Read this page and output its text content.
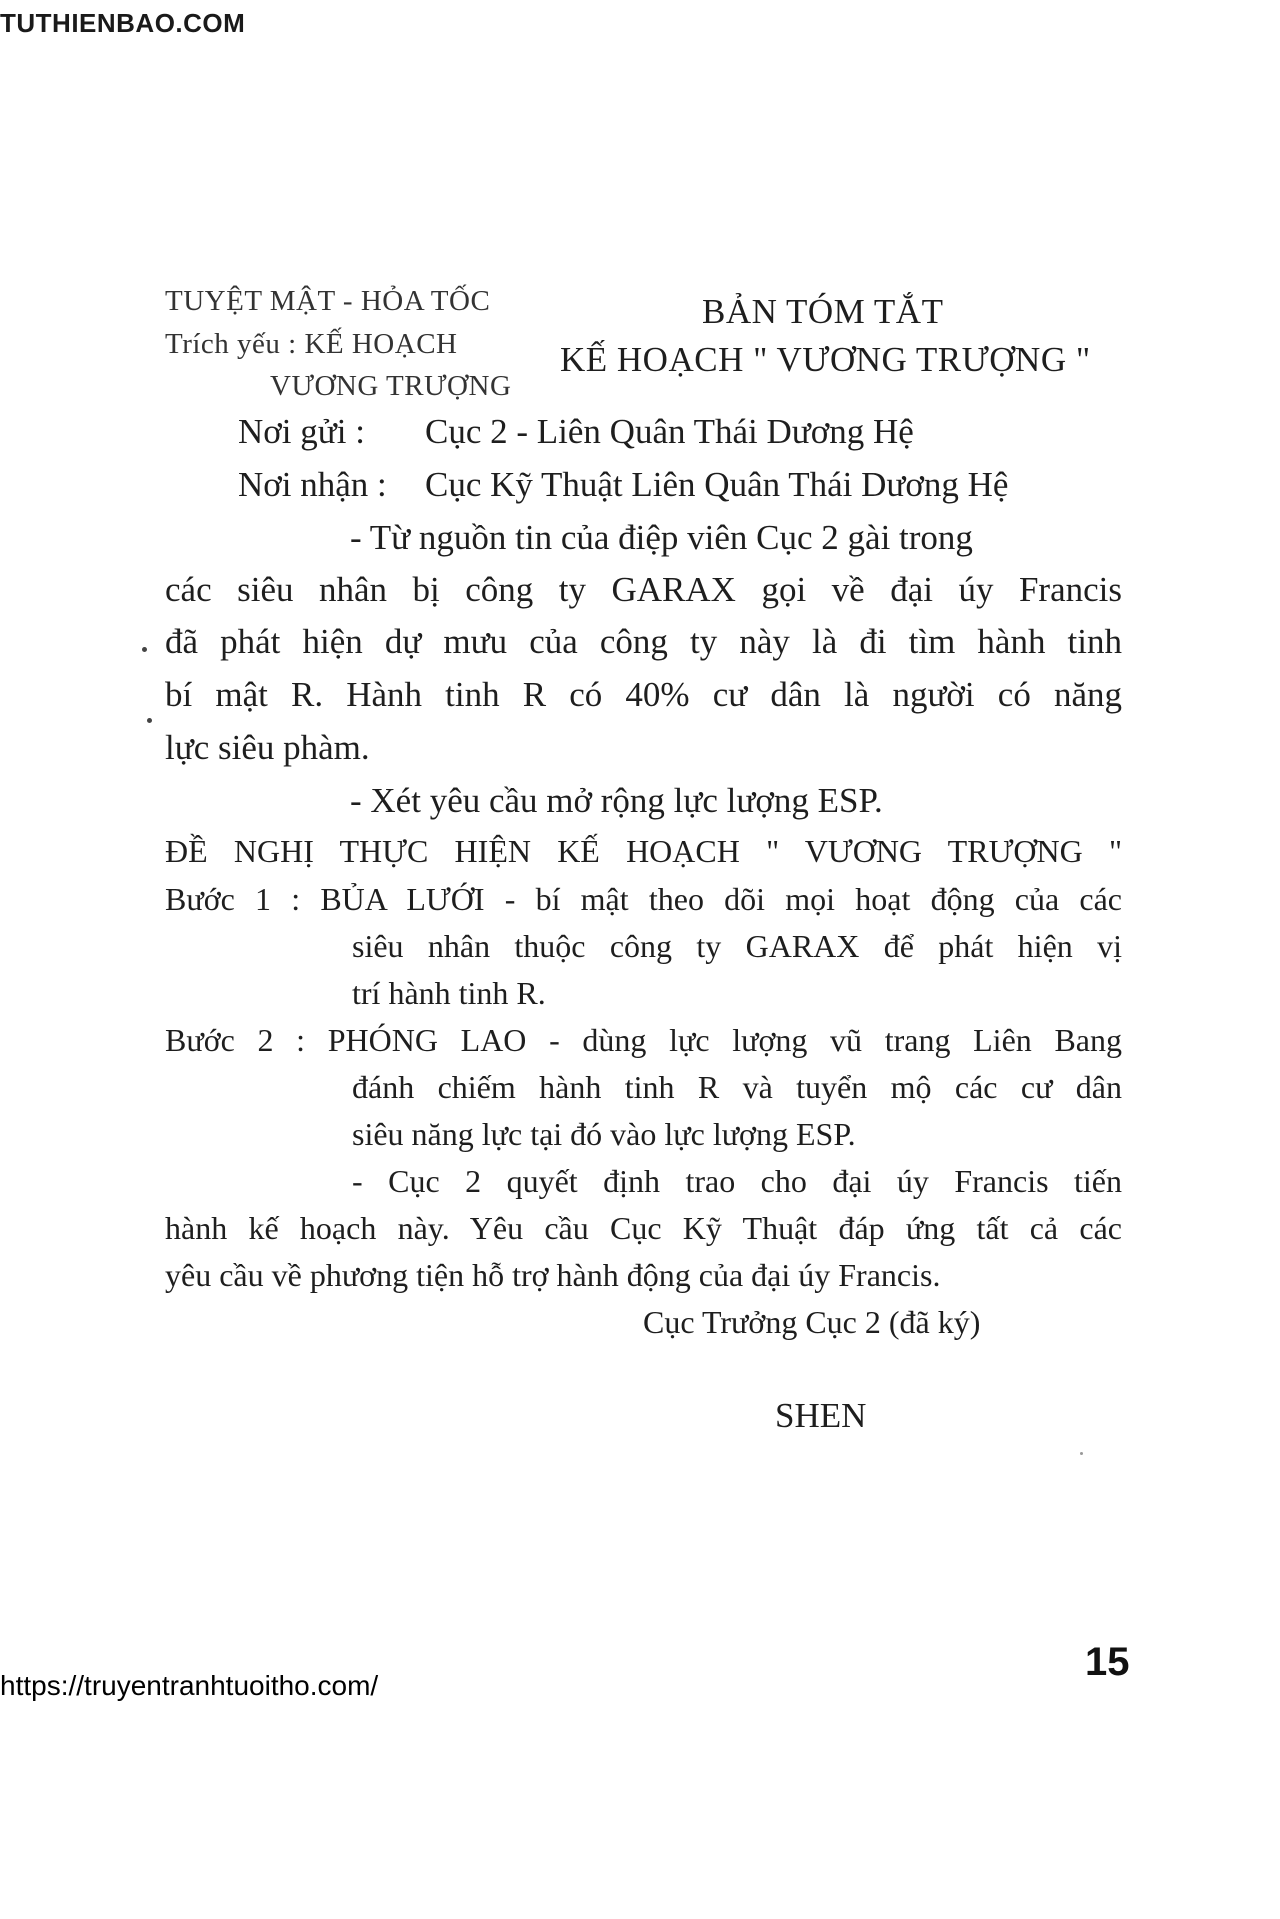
TUTHIENBAO.COM
TUYỆT MẬT - HỎA TỐC
Trích yếu : KẾ HOẠCH
VƯƠNG TRƯỢNG
BẢN TÓM TẮT
KẾ HOẠCH " VƯƠNG TRƯỢNG "
Nơi gửi : Cục 2 - Liên Quân Thái Dương Hệ
Nơi nhận : Cục Kỹ Thuật Liên Quân Thái Dương Hệ
- Từ nguồn tin của điệp viên Cục 2 gài trong
các siêu nhân bị công ty GARAX gọi về đại úy Francis
đã phát hiện dự mưu của công ty này là đi tìm hành tinh
bí mật R. Hành tinh R có 40% cư dân là người có năng
lực siêu phàm.
- Xét yêu cầu mở rộng lực lượng ESP.
ĐỀ NGHỊ THỰC HIỆN KẾ HOẠCH " VƯƠNG TRƯỢNG "
Bước 1 : BỦA LƯỚI - bí mật theo dõi mọi hoạt động của các
siêu nhân thuộc công ty GARAX để phát hiện vị
trí hành tinh R.
Bước 2 : PHÓNG LAO - dùng lực lượng vũ trang Liên Bang
đánh chiếm hành tinh R và tuyển mộ các cư dân
siêu năng lực tại đó vào lực lượng ESP.
- Cục 2 quyết định trao cho đại úy Francis tiến
hành kế hoạch này. Yêu cầu Cục Kỹ Thuật đáp ứng tất cả các
yêu cầu về phương tiện hỗ trợ hành động của đại úy Francis.
Cục Trưởng Cục 2 (đã ký)
SHEN
15
https://truyentranhtuoitho.com/
